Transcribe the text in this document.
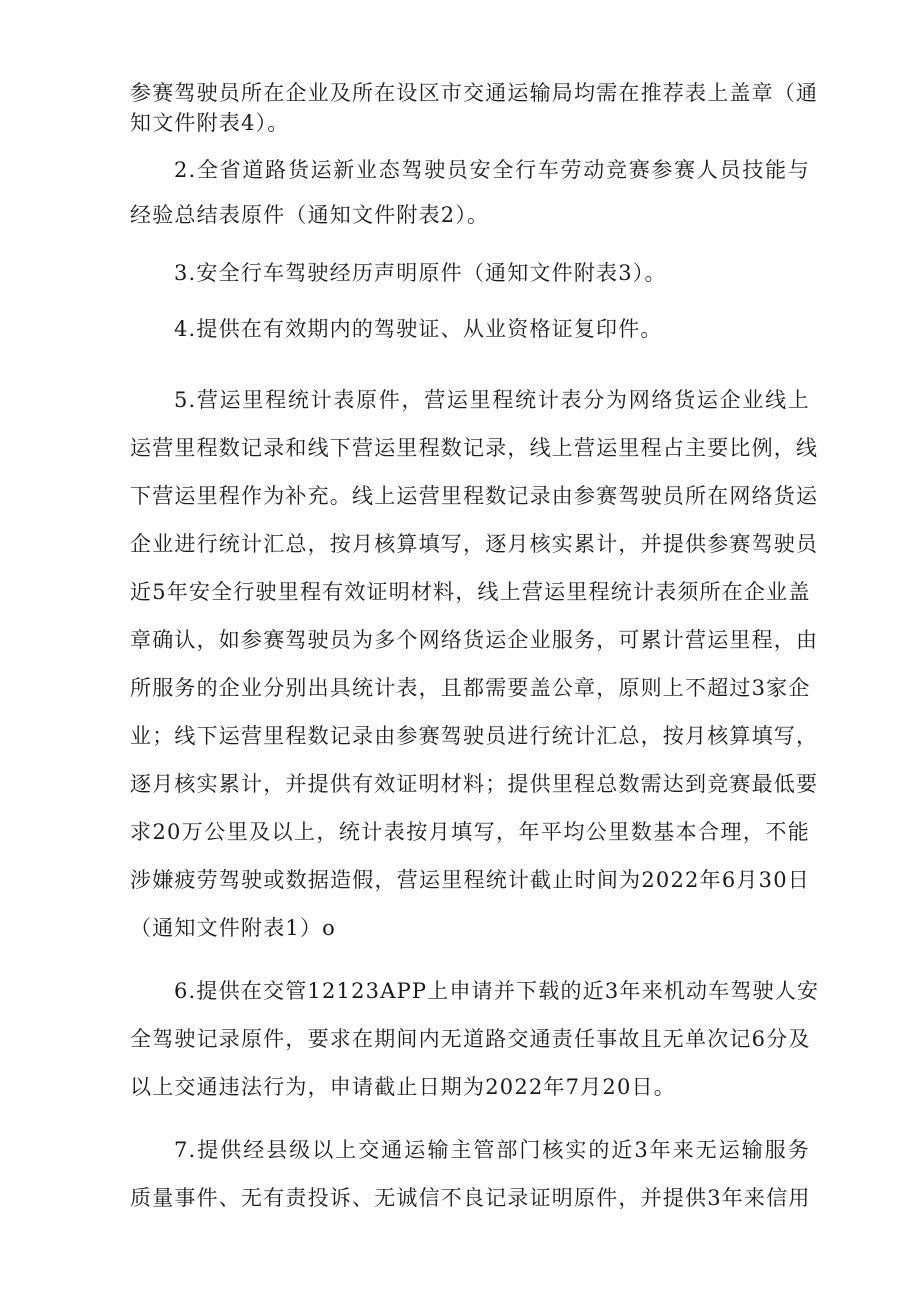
参赛驾驶员所在企业及所在设区市交通运输局均需在推荐表上盖章（通
知文件附表4）。
2.全省道路货运新业态驾驶员安全行车劳动竞赛参赛人员技能与
经验总结表原件（通知文件附表2）。
3.安全行车驾驶经历声明原件（通知文件附表3）。
4.提供在有效期内的驾驶证、从业资格证复印件。
5.营运里程统计表原件，营运里程统计表分为网络货运企业线上
运营里程数记录和线下营运里程数记录，线上营运里程占主要比例，线
下营运里程作为补充。线上运营里程数记录由参赛驾驶员所在网络货运
企业进行统计汇总，按月核算填写，逐月核实累计，并提供参赛驾驶员
近5年安全行驶里程有效证明材料，线上营运里程统计表须所在企业盖
章确认，如参赛驾驶员为多个网络货运企业服务，可累计营运里程，由
所服务的企业分别出具统计表，且都需要盖公章，原则上不超过3家企
业；线下运营里程数记录由参赛驾驶员进行统计汇总，按月核算填写，
逐月核实累计，并提供有效证明材料；提供里程总数需达到竞赛最低要
求20万公里及以上，统计表按月填写，年平均公里数基本合理，不能
涉嫌疲劳驾驶或数据造假，营运里程统计截止时间为2022年6月30日
（通知文件附表1）o
6.提供在交管12123APP上申请并下载的近3年来机动车驾驶人安
全驾驶记录原件，要求在期间内无道路交通责任事故且无单次记6分及
以上交通违法行为，申请截止日期为2022年7月20日。
7.提供经县级以上交通运输主管部门核实的近3年来无运输服务
质量事件、无有责投诉、无诚信不良记录证明原件，并提供3年来信用
